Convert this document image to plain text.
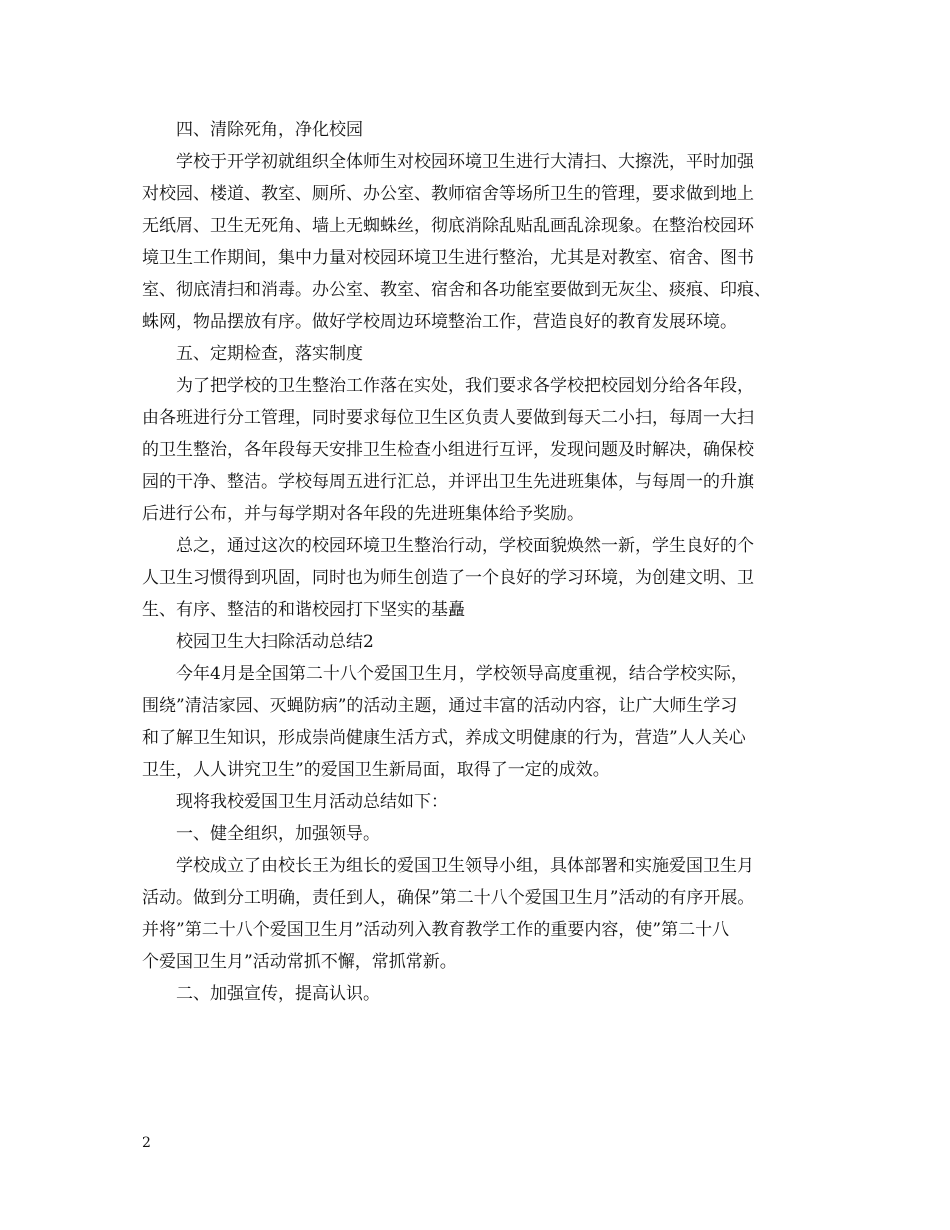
四、清除死角，净化校园

学校于开学初就组织全体师生对校园环境卫生进行大清扫、大擦洗，平时加强
对校园、楼道、教室、厕所、办公室、教师宿舍等场所卫生的管理，要求做到地上
无纸屑、卫生无死角、墙上无蜘蛛丝，彻底消除乱贴乱画乱涂现象。在整治校园环
境卫生工作期间，集中力量对校园环境卫生进行整治，尤其是对教室、宿舍、图书
室、彻底清扫和消毒。办公室、教室、宿舍和各功能室要做到无灰尘、痰痕、印痕、
蛛网，物品摆放有序。做好学校周边环境整治工作，营造良好的教育发展环境。

五、定期检查，落实制度

为了把学校的卫生整治工作落在实处，我们要求各学校把校园划分给各年段，
由各班进行分工管理，同时要求每位卫生区负责人要做到每天二小扫，每周一大扫
的卫生整治，各年段每天安排卫生检查小组进行互评，发现问题及时解决，确保校
园的干净、整洁。学校每周五进行汇总，并评出卫生先进班集体，与每周一的升旗
后进行公布，并与每学期对各年段的先进班集体给予奖励。

总之，通过这次的校园环境卫生整治行动，学校面貌焕然一新，学生良好的个
人卫生习惯得到巩固，同时也为师生创造了一个良好的学习环境，为创建文明、卫
生、有序、整洁的和谐校园打下坚实的基矗

校园卫生大扫除活动总结2

今年4月是全国第二十八个爱国卫生月，学校领导高度重视，结合学校实际，
围绕”清洁家园、灭蝇防病”的活动主题，通过丰富的活动内容，让广大师生学习
和了解卫生知识，形成崇尚健康生活方式，养成文明健康的行为，营造”人人关心
卫生，人人讲究卫生”的爱国卫生新局面，取得了一定的成效。

现将我校爱国卫生月活动总结如下：

一、健全组织，加强领导。

学校成立了由校长王为组长的爱国卫生领导小组，具体部署和实施爱国卫生月
活动。做到分工明确，责任到人，确保”第二十八个爱国卫生月”活动的有序开展。
并将”第二十八个爱国卫生月”活动列入教育教学工作的重要内容，使”第二十八
个爱国卫生月”活动常抓不懈，常抓常新。

二、加强宣传，提高认识。

2
